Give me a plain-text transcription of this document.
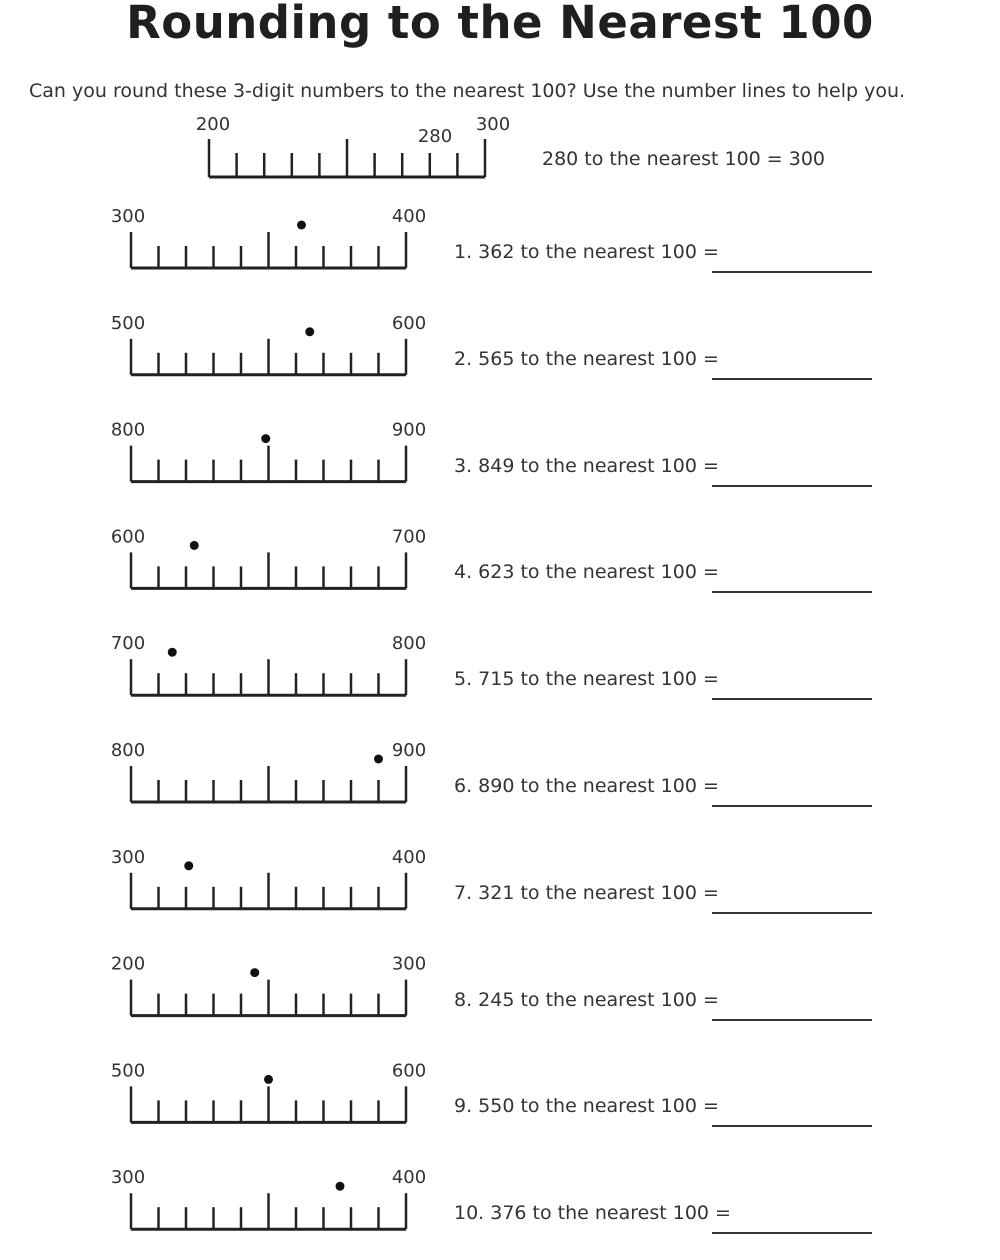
Rounding to the Nearest 100
Can you round these 3-digit numbers to the nearest 100? Use the number lines to help you.
200	300
280
300	400
500	600
800	900
600	700
700	800
800	900
300	400
200	300
500	600
300	400
280 to the nearest 100 = 300
1. 362 to the nearest 100 =
2. 565 to the nearest 100 =
3. 849 to the nearest 100 =
4. 623 to the nearest 100 =
5. 715 to the nearest 100 =
6. 890 to the nearest 100 =
7. 321 to the nearest 100 =
8. 245 to the nearest 100 =
9. 550 to the nearest 100 =
10. 376 to the nearest 100 =
